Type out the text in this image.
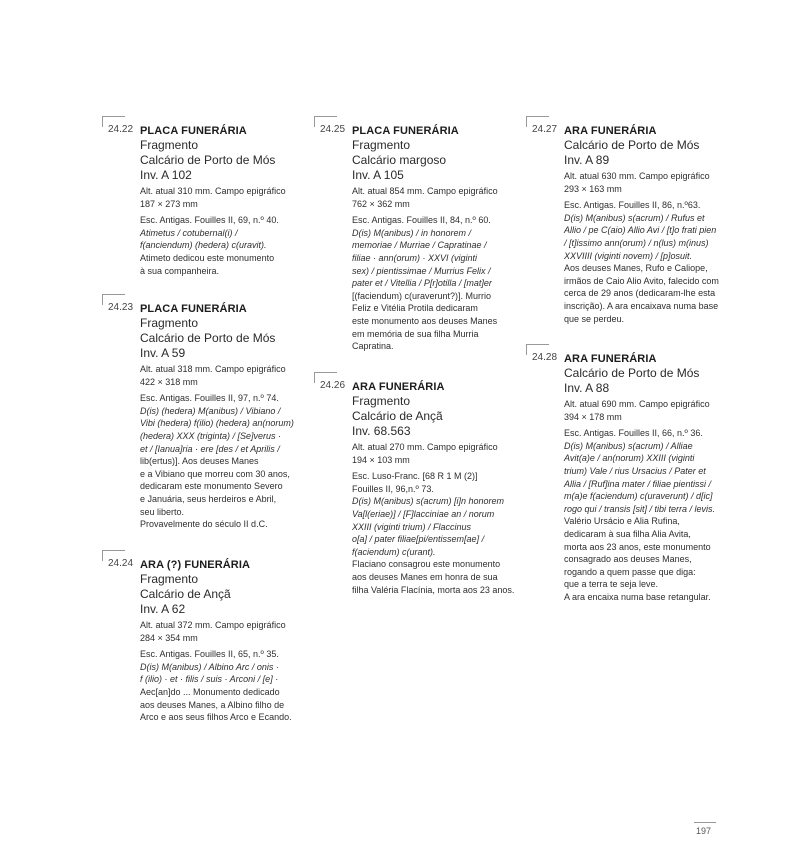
24.22 PLACA FUNERÁRIA
Fragmento
Calcário de Porto de Mós
Inv. A 102
Alt. atual 310 mm. Campo epigráfico
187 × 273 mm
Esc. Antigas. Fouilles II, 69, n.º 40.
Atimetus / cotubernal(i) /
f(anciendum) (hedera) c(uravit).
Atimeto dedicou este monumento
à sua companheira.
24.23 PLACA FUNERÁRIA
Fragmento
Calcário de Porto de Mós
Inv. A 59
Alt. atual 318 mm. Campo epigráfico
422 × 318 mm
Esc. Antigas. Fouilles II, 97, n.º 74.
D(is) (hedera) M(anibus) / Vibiano /
Vibi (hedera) f(ilio) (hedera) an(norum)
(hedera) XXX (triginta) / [Se]verus ·
et / [Ianua]ria · ere [des / et Aprilis /
lib(ertus)]. Aos deuses Manes
e a Vibiano que morreu com 30 anos,
dedicaram este monumento Severo
e Januária, seus herdeiros e Abril,
seu liberto.
Provavelmente do século II d.C.
24.24 ARA (?) FUNERÁRIA
Fragmento
Calcário de Ançã
Inv. A 62
Alt. atual 372 mm. Campo epigráfico
284 × 354 mm
Esc. Antigas. Fouilles II, 65, n.º 35.
D(is) M(anibus) / Albino Arc / onis ·
f (ilio) · et · filis / suis · Arconi / [e] ·
Aec[an]do ... Monumento dedicado
aos deuses Manes, a Albino filho de
Arco e aos seus filhos Arco e Ecando.
24.25 PLACA FUNERÁRIA
Fragmento
Calcário margoso
Inv. A 105
Alt. atual 854 mm. Campo epigráfico
762 × 362 mm
Esc. Antigas. Fouilles II, 84, n.º 60.
D(is) M(anibus) / in honorem /
memoriae / Murriae / Capratinae /
filiae · ann(orum) · XXVI (viginti
sex) / pientissimae / Murrius Felix /
pater et / Vitellia / P[r]otilla / [mat]er
[(faciendum) c(uraverunt?)]. Murrio
Feliz e Vitélia Protila dedicaram
este monumento aos deuses Manes
em memória de sua filha Murria
Capratina.
24.26 ARA FUNERÁRIA
Fragmento
Calcário de Ançã
Inv. 68.563
Alt. atual 270 mm. Campo epigráfico
194 × 103 mm
Esc. Luso-Franc. [68 R 1 M (2)]
Fouilles II, 96,n.º 73.
D(is) M(anibus) s(acrum) [i]n honorem
Va[l(eriae)] / [F]lacciniae an / norum
XXIII (viginti trium) / Flaccinus
o[a] / pater filiae[pi/entissem[ae] /
f(aciendum) c(urant).
Flaciano consagrou este monumento
aos deuses Manes em honra de sua
filha Valéria Flacínia, morta aos 23 anos.
24.27 ARA FUNERÁRIA
Calcário de Porto de Mós
Inv. A 89
Alt. atual 630 mm. Campo epigráfico
293 × 163 mm
Esc. Antigas. Fouilles II, 86, n.º63.
D(is) M(anibus) s(acrum) / Rufus et
Allio / pe C(aio) Allio Avi / [t]o frati pien
/ [t]issimo ann(orum) / n(lus) m(inus)
XXVIIII (viginti novem) / [p]osuit.
Aos deuses Manes, Rufo e Caliope,
irmãos de Caio Alio Avito, falecido com
cerca de 29 anos (dedicaram-lhe esta
inscrição). A ara encaixava numa base
que se perdeu.
24.28 ARA FUNERÁRIA
Calcário de Porto de Mós
Inv. A 88
Alt. atual 690 mm. Campo epigráfico
394 × 178 mm
Esc. Antigas. Fouilles II, 66, n.º 36.
D(is) M(anibus) s(acrum) / Alliae
Avit(a)e / an(norum) XXIII (viginti
trium) Vale / rius Ursacius / Pater et
Allia / [Ruf]ina mater / filiae pientissi /
m(a)e f(aciendum) c(uraverunt) / d[ic]
rogo qui / transis [sit] / tibi terra / levis.
Valério Ursácio e Alia Rufina,
dedicaram à sua filha Alia Avita,
morta aos 23 anos, este monumento
consagrado aos deuses Manes,
rogando a quem passe que diga:
que a terra te seja leve.
A ara encaixa numa base retangular.
197
